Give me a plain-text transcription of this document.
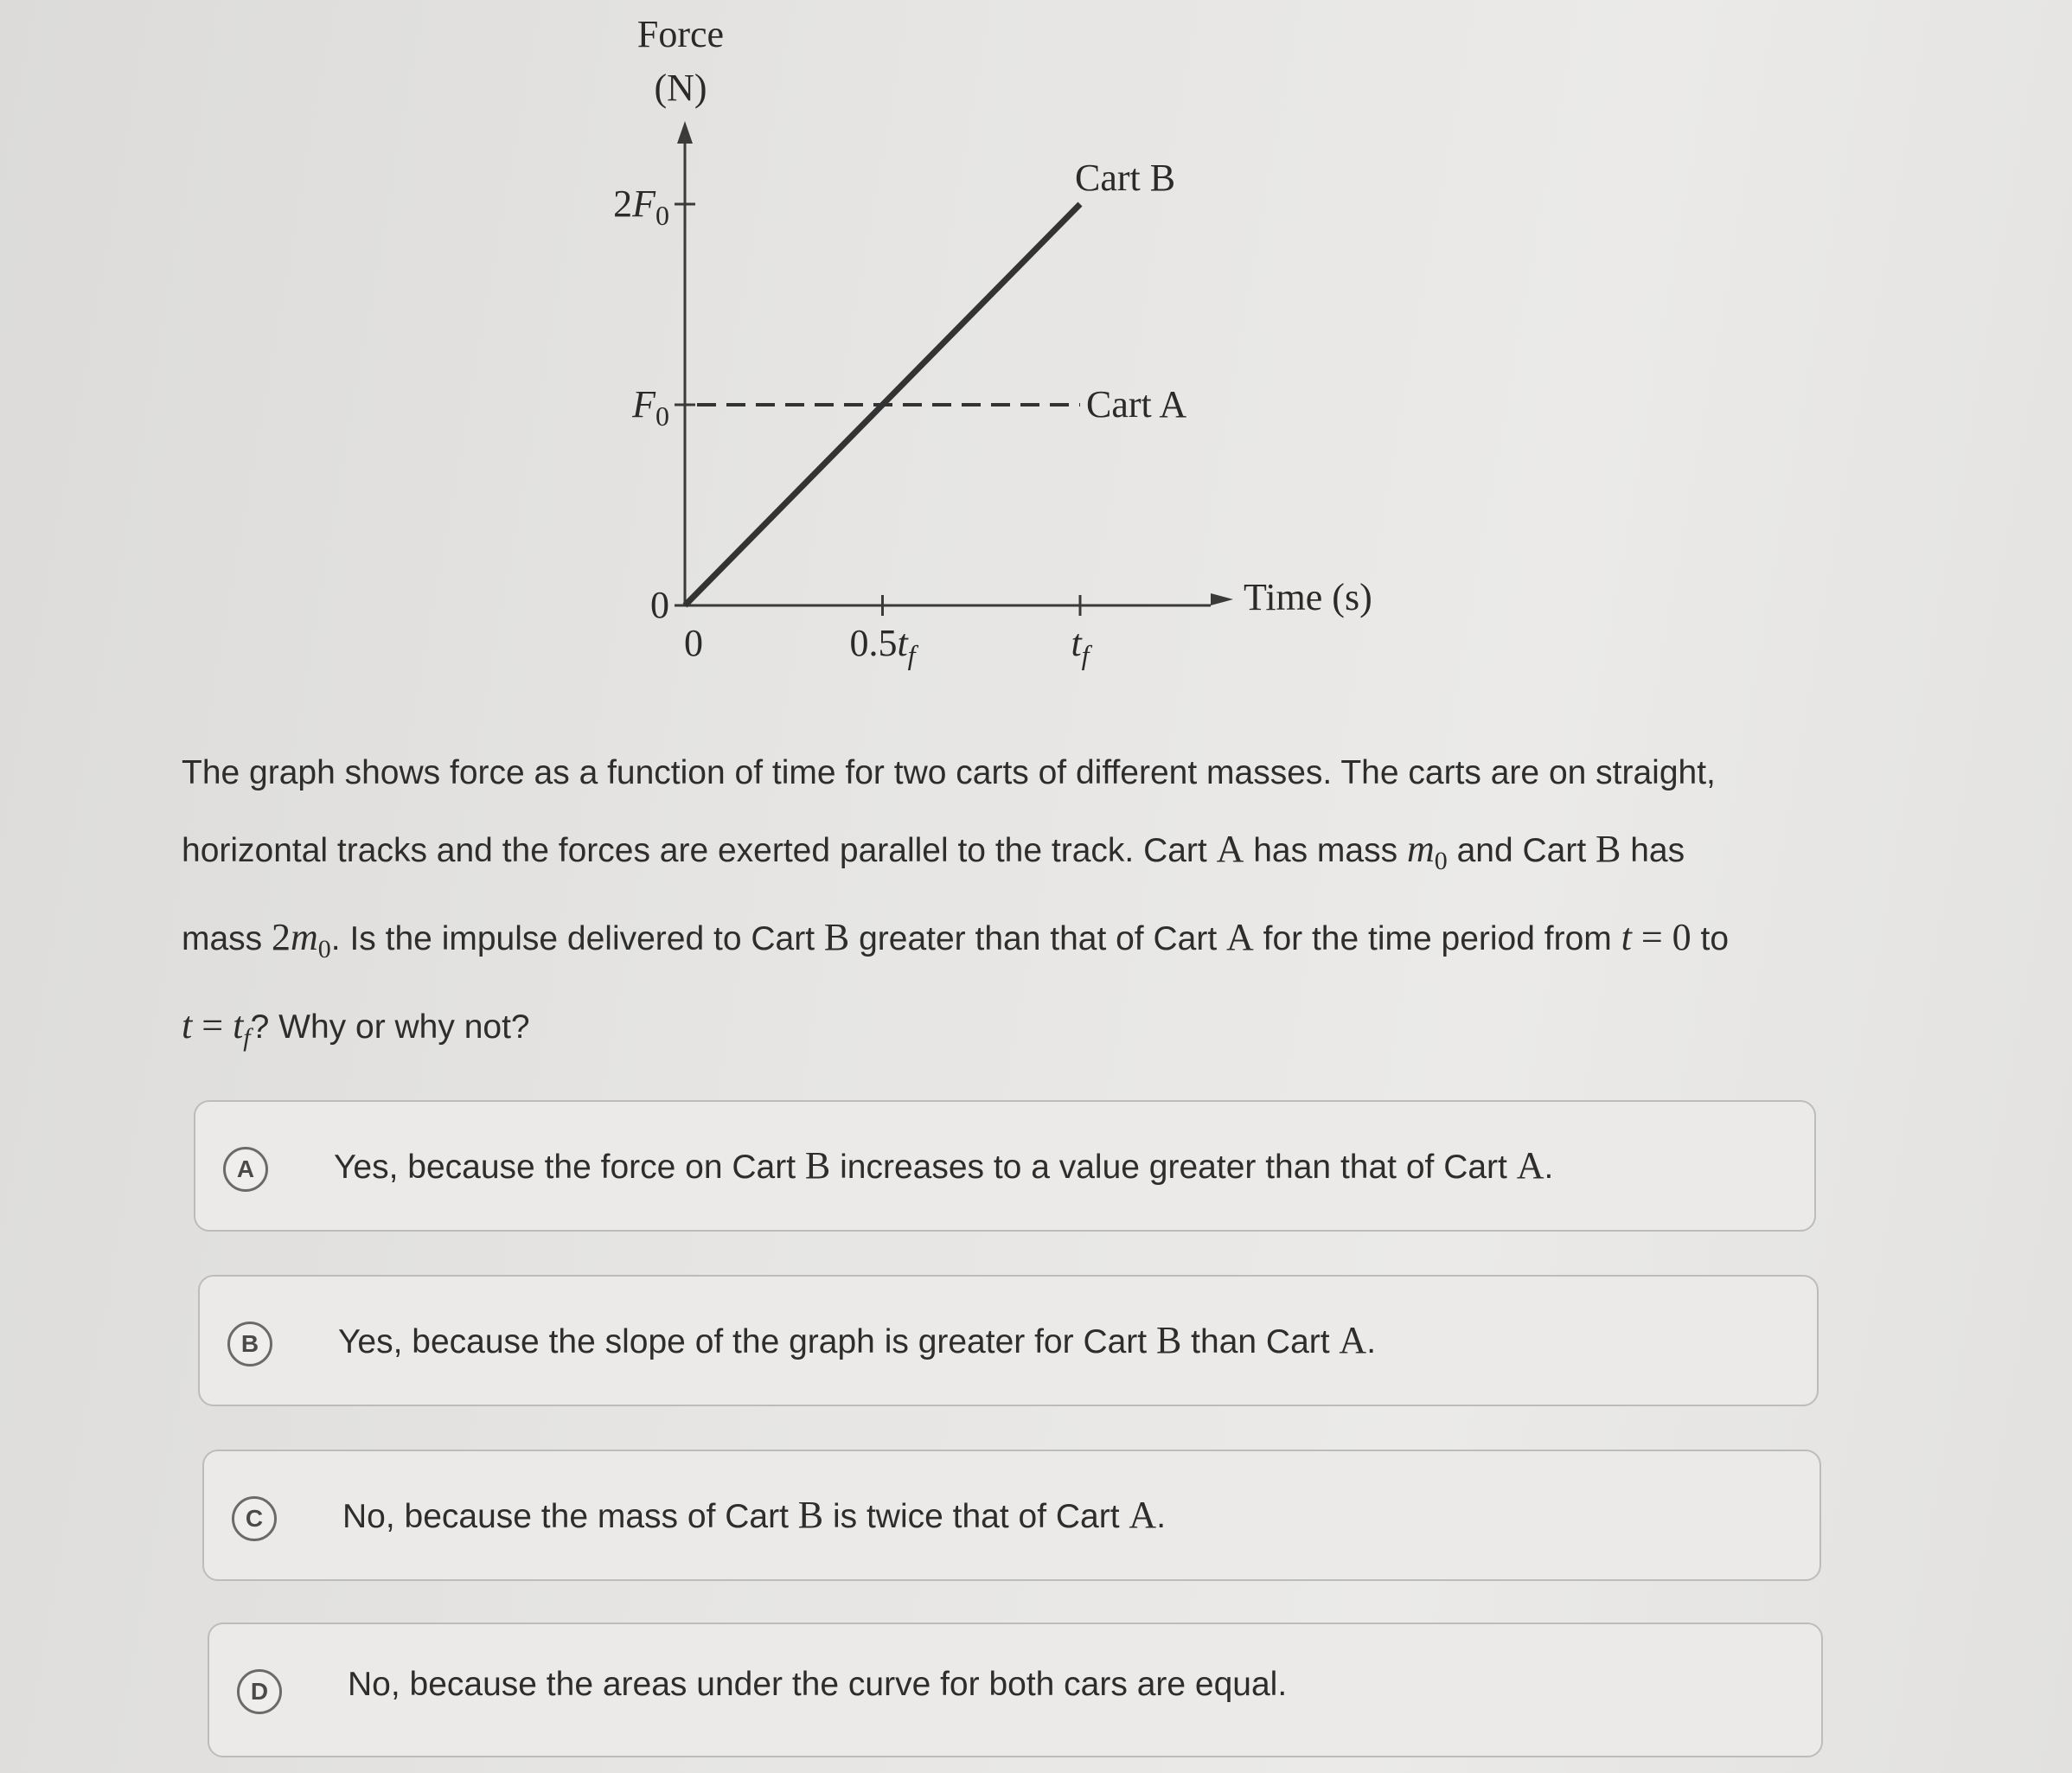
Force
(N)
0
$F_0$
$2F_0$
0	$0.5t_f$	$t_f$
Cart B
Cart A
Time (s)
The graph shows force as a function of time for two carts of different masses. The carts are on straight,
horizontal tracks and the forces are exerted parallel to the track. Cart A has mass $m_0$ and Cart B has
mass $2m_0$. Is the impulse delivered to Cart B greater than that of Cart A for the time period from t = 0 to
$t = t_f$? Why or why not?
A	Yes, because the force on Cart B increases to a value greater than that of Cart A.
B	Yes, because the slope of the graph is greater for Cart B than Cart A.
C	No, because the mass of Cart B is twice that of Cart A.
D	No, because the areas under the curve for both cars are equal.
